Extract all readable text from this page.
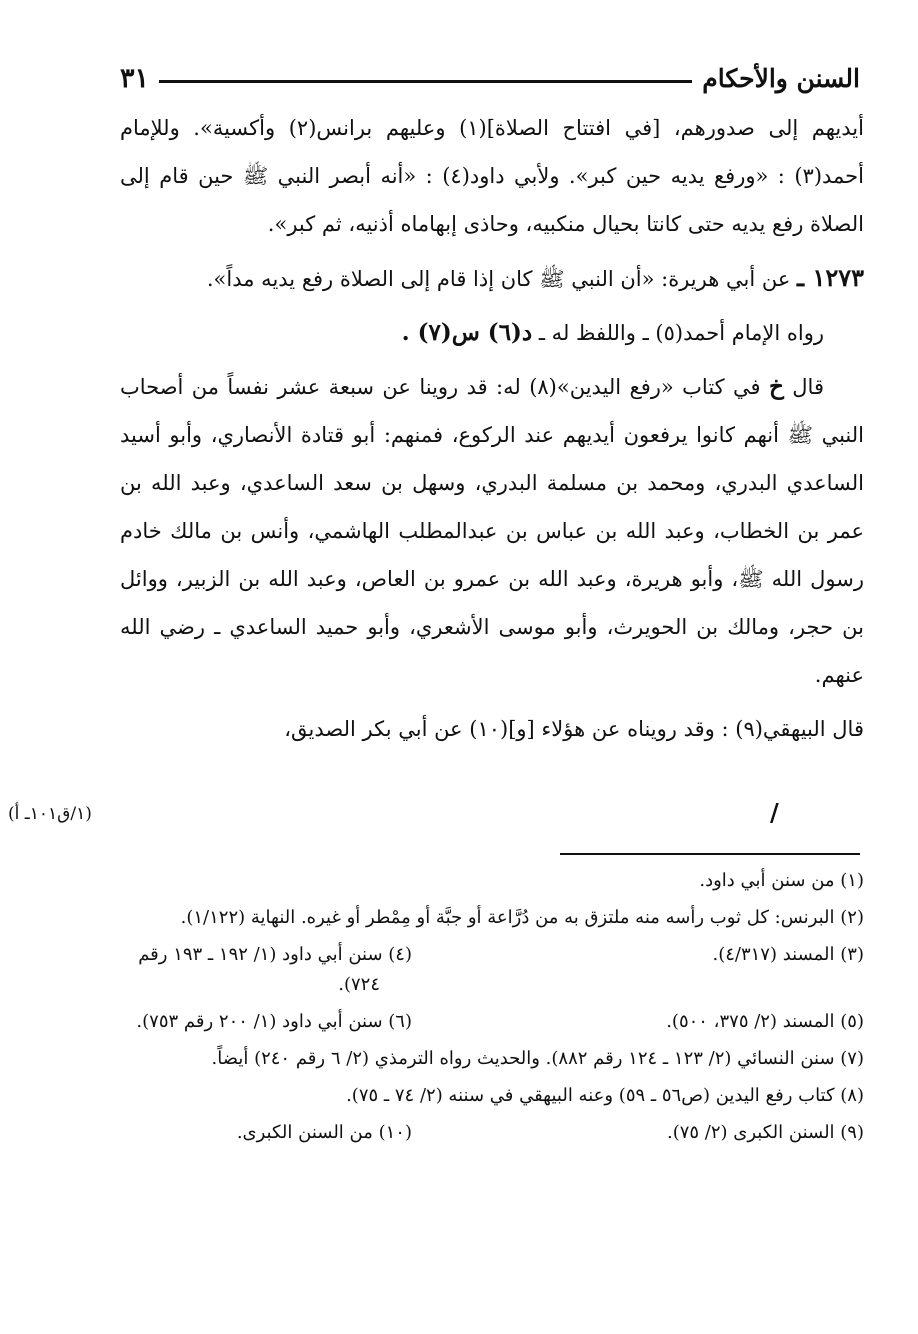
السنن والأحكام
٣١

أيديهم إلى صدورهم، [في افتتاح الصلاة](١) وعليهم برانس(٢) وأكسية». وللإمام أحمد(٣) : «ورفع يديه حين كبر». ولأبي داود(٤) : «أنه أبصر النبي ﷺ حين قام إلى الصلاة رفع يديه حتى كانتا بحيال منكبيه، وحاذى إبهاماه أذنيه، ثم كبر».

١٢٧٣ ـ عن أبي هريرة: «أن النبي ﷺ كان إذا قام إلى الصلاة رفع يديه مداً».

رواه الإمام أحمد(٥) ـ واللفظ له ـ د(٦) س(٧) .

قال خ في كتاب «رفع اليدين»(٨) له: قد روينا عن سبعة عشر نفساً من أصحاب النبي ﷺ أنهم كانوا يرفعون أيديهم عند الركوع، فمنهم: أبو قتادة الأنصاري، وأبو أسيد الساعدي البدري، ومحمد بن مسلمة البدري، وسهل بن سعد الساعدي، وعبد الله بن عمر بن الخطاب، وعبد الله بن عباس بن عبدالمطلب الهاشمي، وأنس بن مالك خادم رسول الله ﷺ، وأبو هريرة، وعبد الله بن عمرو بن العاص، وعبد الله بن الزبير، ووائل بن حجر، ومالك بن الحويرث، وأبو موسى الأشعري، وأبو حميد الساعدي ـ رضي الله عنهم.

قال البيهقي(٩) : وقد رويناه عن هؤلاء [و](١٠) عن أبي بكر الصديق،

/
(١/ق١٠١ـ أ)
(١) من سنن أبي داود.
(٢) البرنس: كل ثوب رأسه منه ملتزق به من دُرَّاعة أو جبَّة أو مِمْطر أو غيره. النهاية (١/١٢٢).
(٣) المسند (٤/٣١٧).
(٤) سنن أبي داود (١/ ١٩٢ ـ ١٩٣ رقم ٧٢٤).
(٥) المسند (٢/ ٣٧٥، ٥٠٠).
(٦) سنن أبي داود (١/ ٢٠٠ رقم ٧٥٣).
(٧) سنن النسائي (٢/ ١٢٣ ـ ١٢٤ رقم ٨٨٢). والحديث رواه الترمذي (٢/ ٦ رقم ٢٤٠) أيضاً.
(٨) كتاب رفع اليدين (ص٥٦ ـ ٥٩) وعنه البيهقي في سننه (٢/ ٧٤ ـ ٧٥).
(٩) السنن الكبرى (٢/ ٧٥).
(١٠) من السنن الكبرى.
